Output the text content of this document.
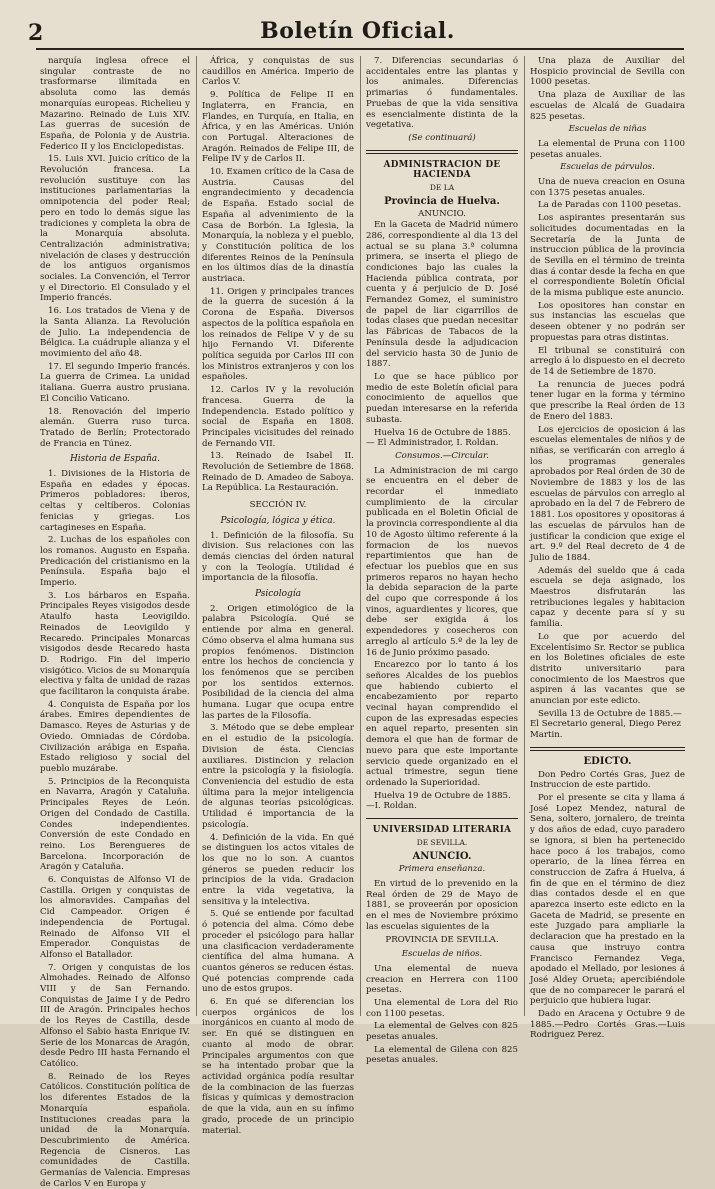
2	Boletín Oficial.

narquía inglesa ofrece el singular contraste de no trasformarse ilimitada en absoluta como las demás monarquías europeas. Richelieu y Mazarino. Reinado de Luis XIV. Las guerras de sucesión de España, de Polonia y de Austria. Federico II y los Enciclopedistas.

15. Luis XVI. Juicio crítico de la Revolución francesa. La revolución sustituye con las instituciones parlamentarias la omnipotencia del poder Real; pero en todo lo demás sigue las tradiciones y completa la obra de la Monarquía absoluta. Centralización administrativa; nivelación de clases y destrucción de los antiguos organismos sociales. La Convención, el Terror y el Directorio. El Consulado y el Imperio francés.

16. Los tratados de Viena y de la Santa Alianza. La Revolución de Julio. La independencia de Bélgica. La cuádruple alianza y el movimiento del año 48.

17. El segundo Imperio francés. La guerra de Crimea. La unidad italiana. Guerra austro prusiana. El Concilio Vaticano.

18. Renovación del imperio alemán. Guerra ruso turca. Tratado de Berlín; Protectorado de Francia en Túnez.

Historia de España.

1. Divisiones de la Historia de España en edades y épocas. Primeros pobladores: iberos, celtas y celtíberos. Colonias fenicias y griegas. Los cartagineses en España.

2. Luchas de los españoles con los romanos. Augusto en España. Predicación del cristianismo en la Península. España bajo el Imperio.

3. Los bárbaros en España. Principales Reyes visigodos desde Ataulfo hasta Leovigildo. Reinados de Leovigildo y Recaredo. Principales Monarcas visigodos desde Recaredo hasta D. Rodrigo. Fin del imperio visigótico. Vicios de su Monarquía electiva y falta de unidad de razas que facilitaron la conquista árabe.

4. Conquista de España por los árabes. Emires dependientes de Damasco. Reyes de Asturias y de Oviedo. Omniadas de Córdoba. Civilización arábiga en España. Estado religioso y social del pueblo muzárabe.

5. Principios de la Reconquista en Navarra, Aragón y Cataluña. Principales Reyes de León. Origen del Condado de Castilla. Condes independientes. Conversión de este Condado en reino. Los Berengueres de Barcelona. Incorporación de Aragón y Cataluña.

6. Conquistas de Alfonso VI de Castilla. Origen y conquistas de los almoravides. Campañas del Cid Campeador. Origen é independencia de Portugal. Reinado de Alfonso VII el Emperador. Conquistas de Alfonso el Batallador.

7. Origen y conquistas de los Almohades. Reinado de Alfonso VIII y de San Fernando. Conquistas de Jaime I y de Pedro III de Aragón. Principales hechos de los Reyes de Castilla, desde Alfonso el Sabio hasta Enrique IV. Serie de los Monarcas de Aragón, desde Pedro III hasta Fernando el Católico.

8. Reinado de los Reyes Católicos. Constitución política de los diferentes Estados de la Monarquía española. Instituciones creadas para la unidad de la Monarquía. Descubrimiento de América. Regencia de Cisneros. Las comunidades de Castilla. Germanías de Valencia. Empresas de Carlos V en Europa y

África, y conquistas de sus caudillos en América. Imperio de Carlos V.

9. Política de Felipe II en Inglaterra, en Francia, en Flandes, en Turquía, en Italia, en África, y en las Américas. Unión con Portugal. Alteraciones de Aragón. Reinados de Felipe III, de Felipe IV y de Carlos II.

10. Examen crítico de la Casa de Austria. Causas del engrandecimiento y decadencia de España. Estado social de España al advenimiento de la Casa de Borbón. La Iglesia, la Monarquía, la nobleza y el pueblo, y Constitución política de los diferentes Reinos de la Península en los últimos días de la dinastía austriaca.

11. Origen y principales trances de la guerra de sucesión á la Corona de España. Diversos aspectos de la política española en los reinados de Felipe V y de su hijo Fernando VI. Diferente política seguida por Carlos III con los Ministros extranjeros y con los españoles.

12. Carlos IV y la revolución francesa. Guerra de la Independencia. Estado político y social de España en 1808. Principales vicisitudes del reinado de Fernando VII.

13. Reinado de Isabel II. Revolución de Setiembre de 1868. Reinado de D. Amadeo de Saboya. La República. La Restauración.

SECCIÓN IV.
Psicología, lógica y ética.

1. Definición de la filosofía. Su division. Sus relaciones con las demás ciencias del órden natural y con la Teología. Utilidad é importancia de la filosofía.

Psicología

2. Origen etimológico de la palabra Psicología. Qué se entiende por alma en general. Cómo observa el alma humana sus propios fenómenos. Distincion entre los hechos de conciencia y los fenómenos que se perciben por los sentidos externos. Posibilidad de la ciencia del alma humana. Lugar que ocupa entre las partes de la Filosofía.

3. Método que se debe emplear en el estudio de la psicología. Division de ésta. Ciencias auxiliares. Distincion y relacion entre la psicología y la fisiología. Conveniencia del estudio de esta última para la mejor inteligencia de algunas teorías psicológicas. Utilidad é importancia de la psicología.

4. Definición de la vida. En qué se distinguen los actos vitales de los que no lo son. A cuantos géneros se pueden reducir los principios de la vida. Gradacion entre la vida vegetativa, la sensitiva y la intelectiva.

5. Qué se entiende por facultad ó potencia del alma. Cómo debe proceder el psicólogo para hallar una clasificacion verdaderamente científica del alma humana. A cuantos géneros se reducen éstas. Qué potencias comprende cada uno de estos grupos.

6. En qué se diferencian los cuerpos orgánicos de los inorgánicos en cuanto al modo de ser. En qué se distinguen en cuanto al modo de obrar. Principales argumentos con que se ha intentado probar que la actividad orgánica podía resultar de la combinacion de las fuerzas físicas y químicas y demostracion de que la vida, aun en su ínfimo grado, procede de un principio material.

7. Diferencias secundarias ó accidentales entre las plantas y los animales. Diferencias primarias ó fundamentales. Pruebas de que la vida sensitiva es esencialmente distinta de la vegetativa.

(Se continuará)
ADMINISTRACION DE HACIENDA
DE LA
Provincia de Huelva.
ANUNCIO.

En la Gaceta de Madrid número 286, correspondiente al dia 13 del actual se su plana 3.ª columna primera, se inserta el pliego de condiciones bajo las cuales la Hacienda pública contrata, por cuenta y á perjuicio de D. José Fernandez Gomez, el suministro de papel de liar cigarrillos de todas clases que puedan necesitar las Fábricas de Tabacos de la Península desde la adjudicacion del servicio hasta 30 de Junio de 1887.

Lo que se hace público por medio de este Boletín oficial para conocimiento de aquellos que puedan interesarse en la referida subasta.

Huelva 16 de Octubre de 1885.— El Administrador, I. Roldan.

Consumos.—Circular.

La Administracion de mi cargo se encuentra en el deber de recordar el inmediato cumplimiento de la circular publicada en el Boletin Oficial de la provincia correspondiente al dia 10 de Agosto último referente á la formacion de los nuevos repartimientos que han de efectuar los pueblos que en sus primeros reparos no hayan hecho la debida separacion de la parte del cupo que corresponde á los vinos, aguardientes y licores, que debe ser exigida á los expendedores y cosecheros con arreglo al artículo 5.º de la ley de 16 de Junio próximo pasado.

Encarezco por lo tanto á los señores Alcaldes de los pueblos que habiendo cubierto el encabezamiento por reparto vecinal hayan comprendido el cupon de las expresadas especies en aquel reparto, presenten sin demora el que han de formar de nuevo para que este importante servicio quede organizado en el actual trimestre, segun tiene ordenado la Superioridad.

Huelva 19 de Octubre de 1885.—I. Roldan.

UNIVERSIDAD LITERARIA
DE SEVILLA.
ANUNCIO.
Primera enseñanza.

En virtud de lo prevenido en la Real órden de 29 de Mayo de 1881, se proveerán por oposicion en el mes de Noviembre próximo las escuelas siguientes de la

PROVINCIA DE SEVILLA.
Escuelas de niños.

Una elemental de nueva creacion en Herrera con 1100 pesetas.

Una elemental de Lora del Rio con 1100 pesetas.

La elemental de Gelves con 825 pesetas anuales.

La elemental de Gilena con 825 pesetas anuales.

Una plaza de Auxiliar del Hospicio provincial de Sevilla con 1000 pesetas.

Una plaza de Auxiliar de las escuelas de Alcalá de Guadaira 825 pesetas.

Escuelas de niñas

La elemental de Pruna con 1100 pesetas anuales.

Escuelas de párvulos.

Una de nueva creacion en Osuna con 1375 pesetas anuales.

La de Paradas con 1100 pesetas.

Los aspirantes presentarán sus solicitudes documentadas en la Secretaría de la Junta de instruccion pública de la provincia de Sevilla en el término de treinta dias á contar desde la fecha en que el correspondiente Boletín Oficial de la misma publique este anuncio.

Los opositores han constar en sus instancias las escuelas que deseen obtener y no podrán ser propuestas para otras distintas.

El tribunal se constituirá con arreglo á lo dispuesto en el decreto de 14 de Setiembre de 1870.

La renuncia de jueces podrá tener lugar en la forma y término que prescribe la Real órden de 13 de Enero del 1883.

Los ejercicios de oposicion á las escuelas elementales de niños y de niñas, se verificarán con arreglo á los programas generales aprobados por Real órden de 30 de Noviembre de 1883 y los de las escuelas de párvulos con arreglo al aprobado en la del 7 de Febrero de 1881. Los opositores y opositoras á las escuelas de párvulos han de justificar la condicion que exige el art. 9.º del Real decreto de 4 de Julio de 1884.

Además del sueldo que á cada escuela se deja asignado, los Maestros disfrutarán las retribuciones legales y habitacion capaz y decente para sí y su familia.

Lo que por acuerdo del Excelentísimo Sr. Rector se publica en los Boletines oficiales de este distrito universitario para conocimiento de los Maestros que aspiren á las vacantes que se anuncian por este edicto.

Sevilla 13 de Octubre de 1885.— El Secretario general, Diego Perez Martin.

EDICTO.

Don Pedro Cortés Gras, Juez de Instruccion de este partido.

Por el presente se cita y llama á José Lopez Mendez, natural de Sena, soltero, jornalero, de treinta y dos años de edad, cuyo paradero se ignora, si bien ha pertenecido hace poco á los trabajos, como operario, de la línea férrea en construccion de Zafra á Huelva, á fin de que en el término de diez dias contados desde el en que aparezca inserto este edicto en la Gaceta de Madrid, se presente en este Juzgado para ampliarle la declaracion que ha prestado en la causa que instruyo contra Francisco Fernandez Vega, apodado el Mellado, por lesiones á José Aldey Orueta; apercibiéndole que de no comparecer le parará el perjuicio que hubiera lugar.

Dado en Aracena y Octubre 9 de 1885.—Pedro Cortés Gras.—Luis Rodriguez Perez.
